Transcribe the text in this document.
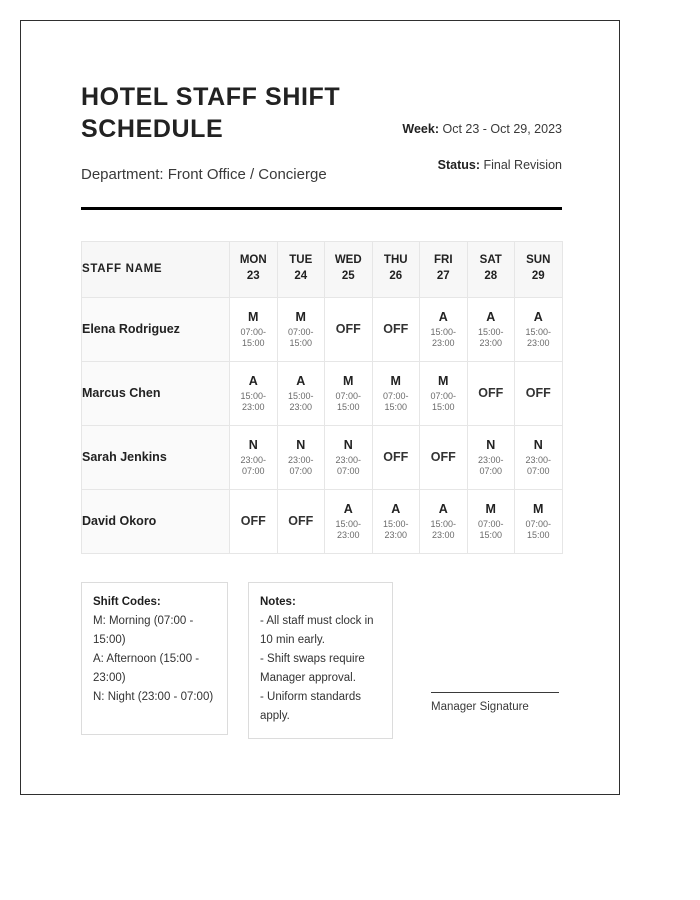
HOTEL STAFF SHIFT SCHEDULE
Department: Front Office / Concierge
Week: Oct 23 - Oct 29, 2023
Status: Final Revision
STAFF NAME	MON
23	TUE
24	WED
25	THU
26	FRI
27	SAT
28	SUN
29

Elena Rodriguez	M
07:00-
15:00	M
07:00-
15:00	OFF	OFF	A
15:00-
23:00	A
15:00-
23:00	A
15:00-
23:00

Marcus Chen	A
15:00-
23:00	A
15:00-
23:00	M
07:00-
15:00	M
07:00-
15:00	M
07:00-
15:00	OFF	OFF

Sarah Jenkins	N
23:00-
07:00	N
23:00-
07:00	N
23:00-
07:00	OFF	OFF	N
23:00-
07:00	N
23:00-
07:00

David Okoro	OFF	OFF	A
15:00-
23:00	A
15:00-
23:00	A
15:00-
23:00	M
07:00-
15:00	M
07:00-
15:00
Shift Codes:
M: Morning (07:00 - 15:00)
A: Afternoon (15:00 - 23:00)
N: Night (23:00 - 07:00)
Notes:
- All staff must clock in 10 min early.
- Shift swaps require Manager approval.
- Uniform standards apply.
Manager Signature
